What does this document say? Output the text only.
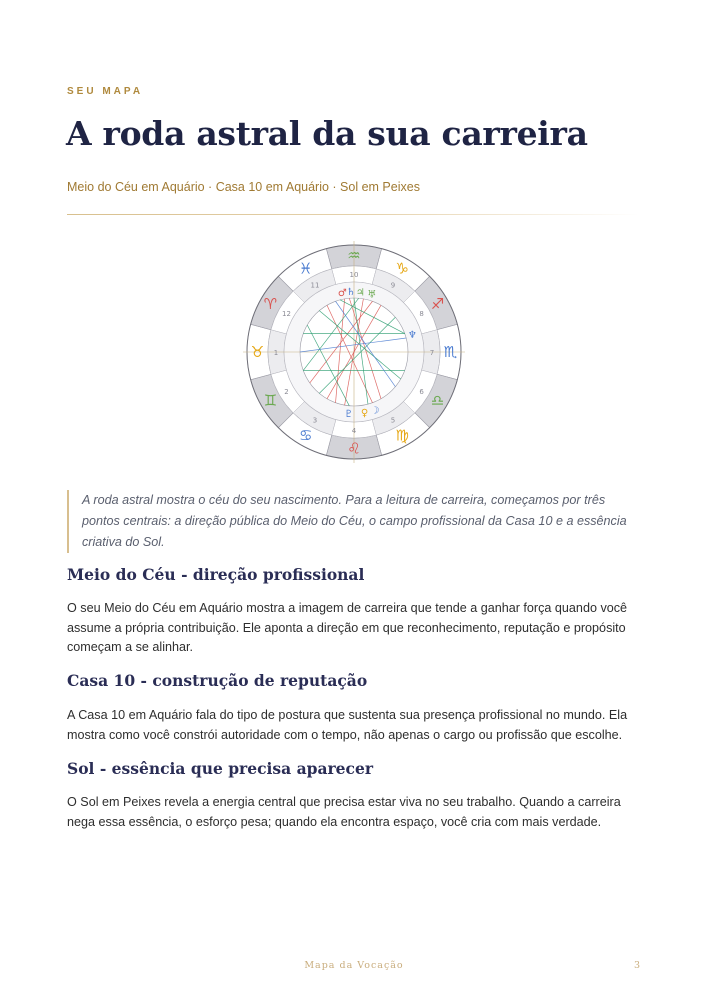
SEU MAPA
A roda astral da sua carreira
Meio do Céu em Aquário · Casa 10 em Aquário · Sol em Peixes
♒
♑
♐
♏
♎
♍
♌
♋
♊
♉
♈
♓	10
9
8
7
6
5
4
3
2
1
12
11
♂ ♄ ♃ ♅
♆
☽
♀
♇
A roda astral mostra o céu do seu nascimento. Para a leitura de carreira, começamos por três pontos centrais: a direção pública do Meio do Céu, o campo profissional da Casa 10 e a essência criativa do Sol.
Meio do Céu - direção profissional

O seu Meio do Céu em Aquário mostra a imagem de carreira que tende a ganhar força quando você assume a própria contribuição. Ele aponta a direção em que reconhecimento, reputação e propósito começam a se alinhar.

Casa 10 - construção de reputação

A Casa 10 em Aquário fala do tipo de postura que sustenta sua presença profissional no mundo. Ela mostra como você constrói autoridade com o tempo, não apenas o cargo ou profissão que escolhe.

Sol - essência que precisa aparecer

O Sol em Peixes revela a energia central que precisa estar viva no seu trabalho. Quando a carreira nega essa essência, o esforço pesa; quando ela encontra espaço, você cria com mais verdade.

Mapa da Vocação	3
